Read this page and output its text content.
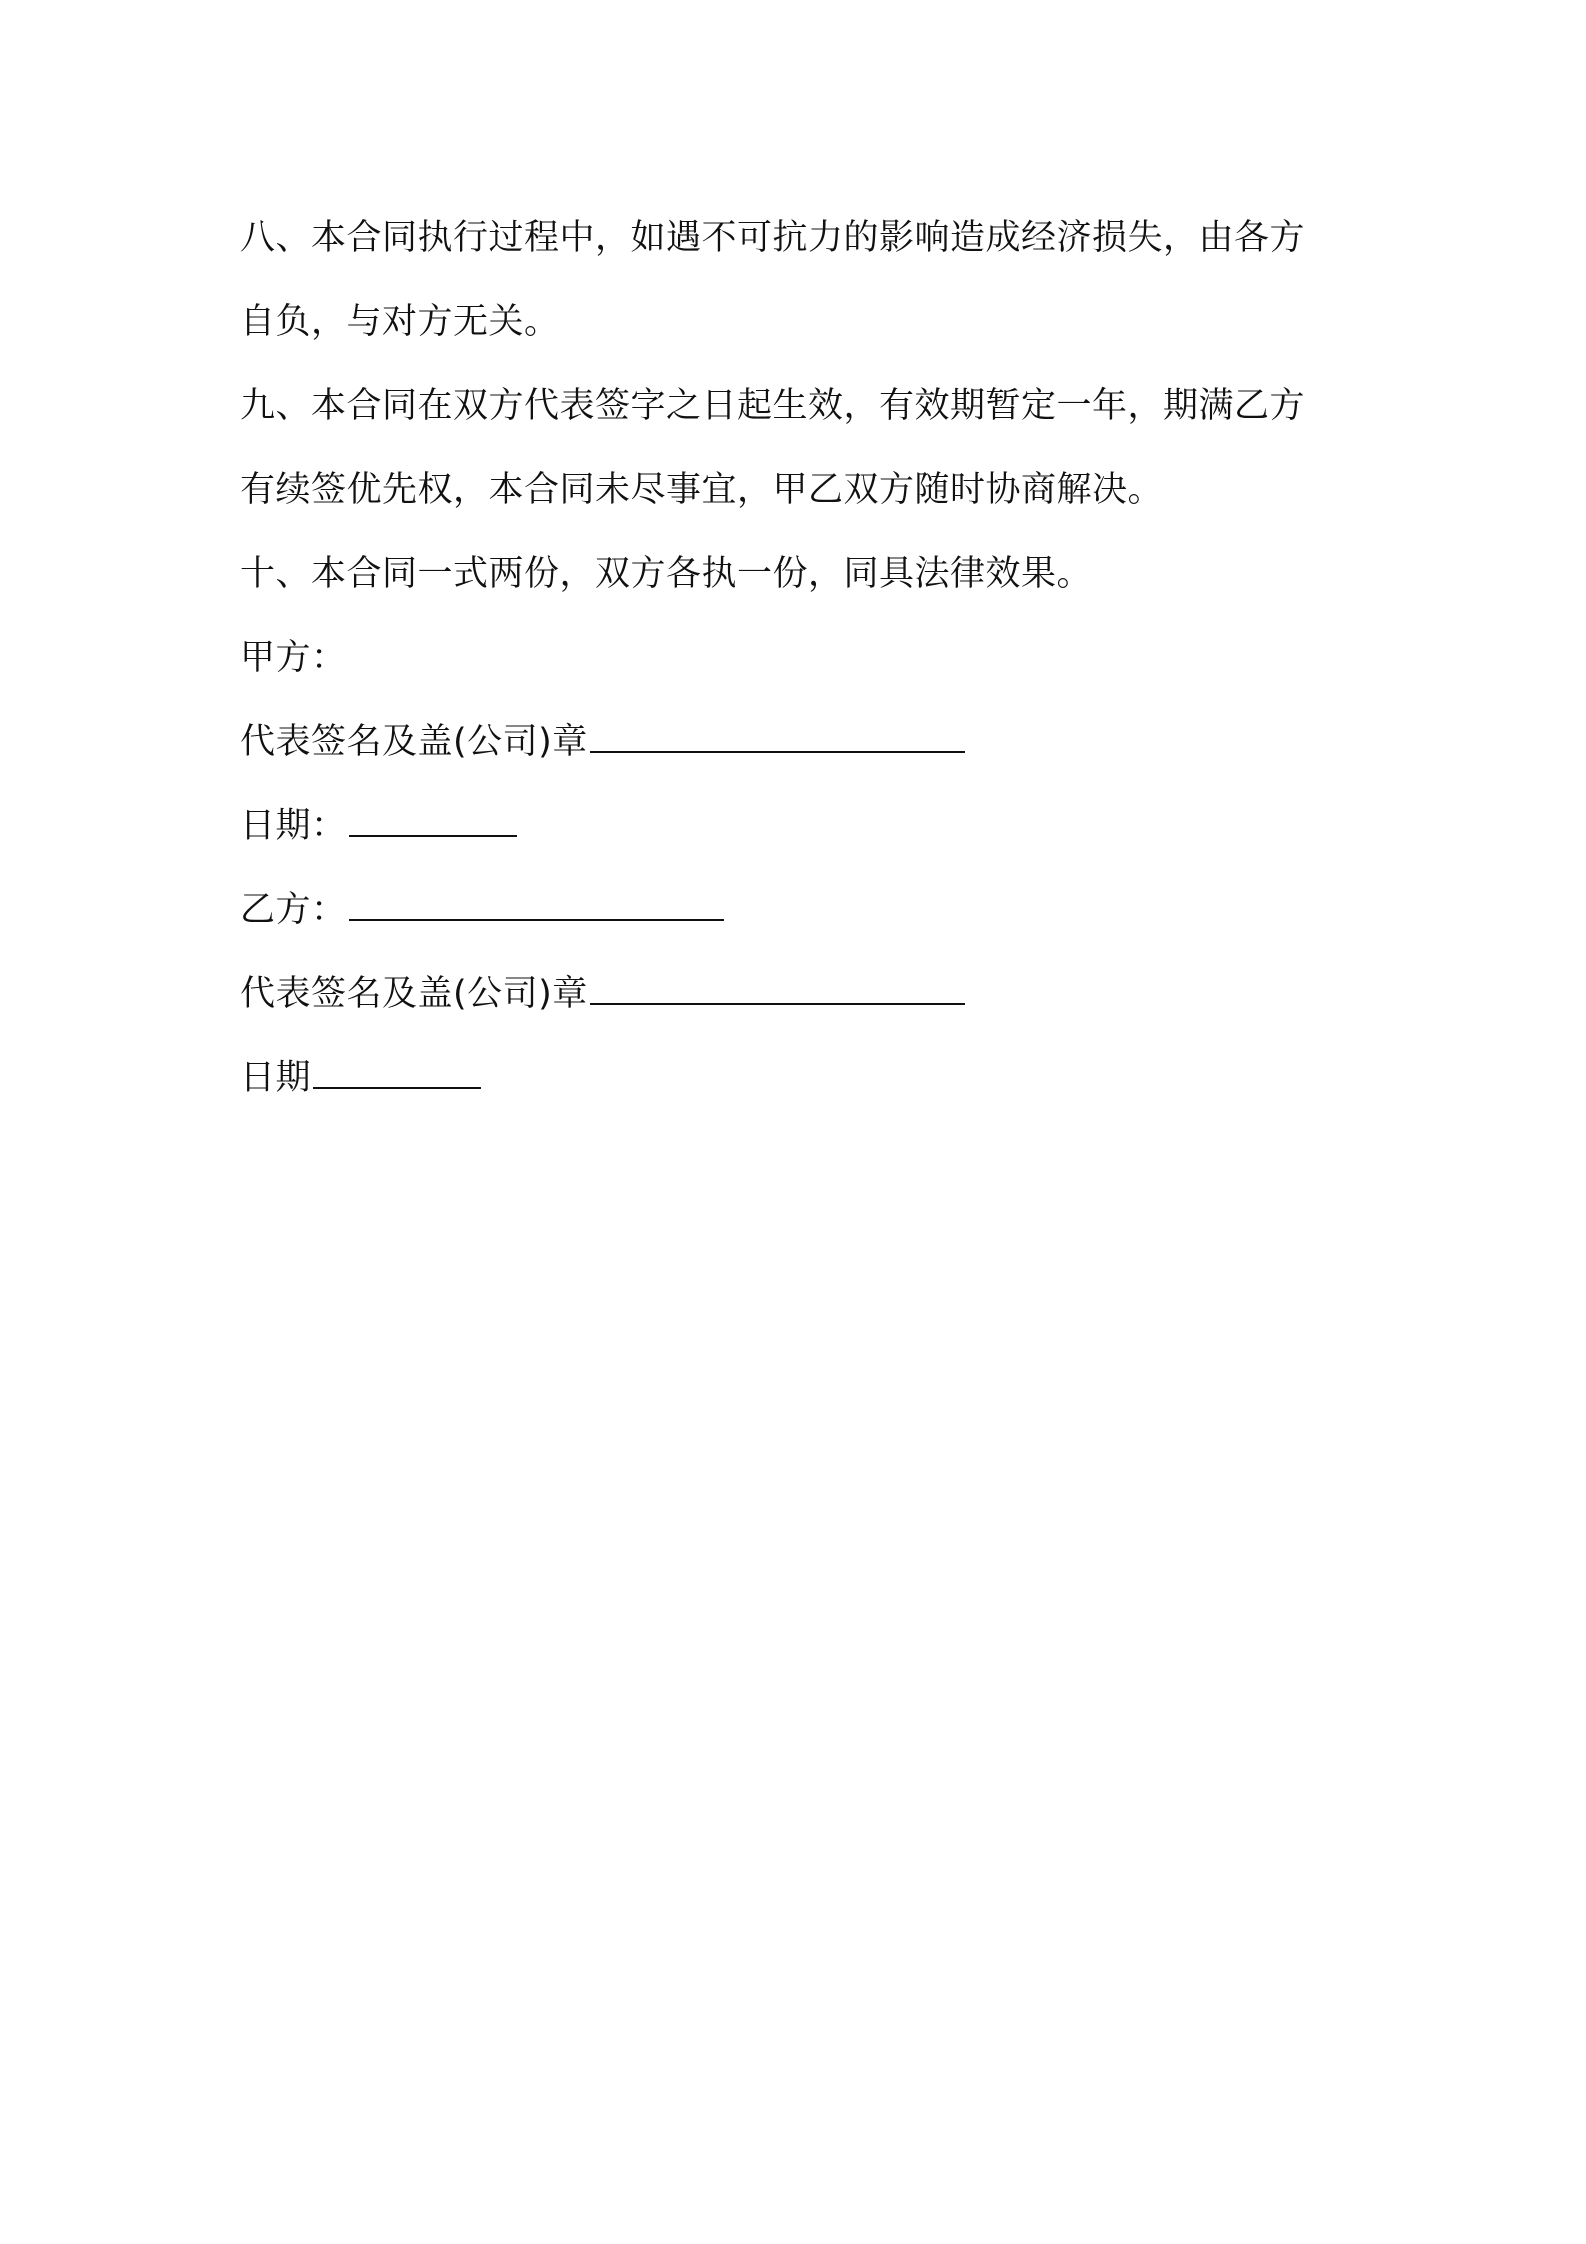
八、本合同执行过程中，如遇不可抗力的影响造成经济损失，由各方
自负，与对方无关。
九、本合同在双方代表签字之日起生效，有效期暂定一年，期满乙方
有续签优先权，本合同未尽事宜，甲乙双方随时协商解决。
十、本合同一式两份，双方各执一份，同具法律效果。
甲方：
代表签名及盖(公司)章
日期：
乙方：
代表签名及盖(公司)章
日期
